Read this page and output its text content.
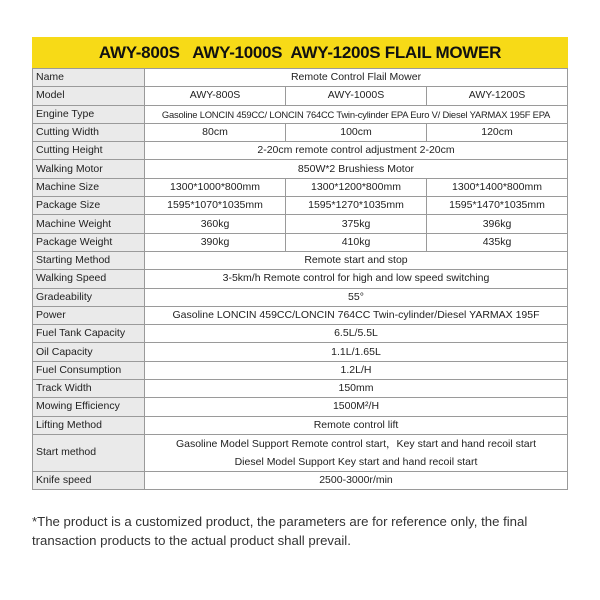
AWY-800S   AWY-1000S  AWY-1200S FLAIL MOWER
Name	Remote Control Flail Mower		
Model	AWY-800S	AWY-1000S	AWY-1200S
Engine Type	Gasoline LONCIN 459CC/ LONCIN 764CC Twin-cylinder EPA Euro V/ Diesel YARMAX 195F EPA		
Cutting Width	80cm	100cm	120cm
Cutting Height	2-20cm remote control adjustment 2-20cm		
Walking Motor	850W*2 Brushiess Motor		
Machine Size	1300*1000*800mm	1300*1200*800mm	1300*1400*800mm
Package Size	1595*1070*1035mm	1595*1270*1035mm	1595*1470*1035mm
Machine Weight	360kg	375kg	396kg
Package Weight	390kg	410kg	435kg
Starting Method	Remote start and stop		
Walking Speed	3-5km/h Remote control for high and low speed switching		
Gradeability	55°		
Power	Gasoline LONCIN 459CC/LONCIN 764CC Twin-cylinder/Diesel YARMAX 195F		
Fuel Tank Capacity	6.5L/5.5L		
Oil Capacity	1.1L/1.65L		
Fuel Consumption	1.2L/H		
Track Width	150mm		
Mowing Efficiency	1500M²/H		
Lifting Method	Remote control lift		
Start method	Gasoline Model Support Remote control start，Key start and hand recoil start
Diesel Model Support Key start and hand recoil start		

Knife speed	2500-3000r/min		
*The product is a customized product, the parameters are for reference only, the final transaction products to the actual product shall prevail.
